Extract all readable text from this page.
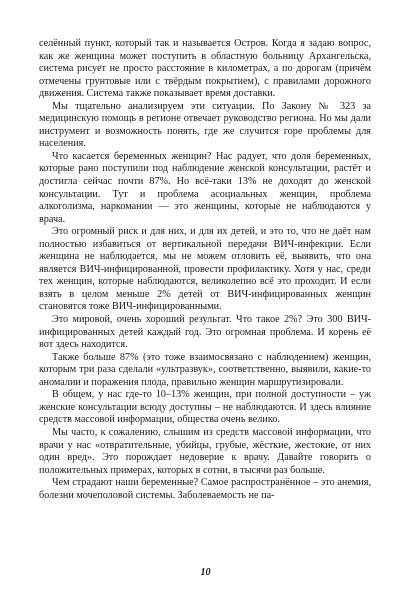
селённый пункт, который так и называется Остров. Когда я задаю вопрос, как же женщина может поступить в областную больницу Архангельска, система рисует не просто расстояние в километрах, а по дорогам (причём отмечены грунтовые или с твёрдым покрытием), с правилами дорожного движения. Система также показывает время доставки.

Мы тщательно анализируем эти ситуации. По Закону № 323 за медицинскую помощь в регионе отвечает руководство региона. Но мы дали инструмент и возможность понять, где же случится горе проблемы для населения.

Что касается беременных женщин? Нас радует, что доля беременных, которые рано поступили под наблюдение женской консультации, растёт и достигла сейчас почти 87%. Но всё-таки 13% не доходят до женской консультации. Тут и проблема асоциальных женщин, проблема алкоголизма, наркомании — это женщины, которые не наблюдаются у врача.

Это огромный риск и для них, и для их детей, и это то, что не даёт нам полностью избавиться от вертикальной передачи ВИЧ-инфекции. Если женщина не наблюдается, мы не можем отловить её, выявить, что она является ВИЧ-инфицированной, провести профилактику. Хотя у нас, среди тех женщин, которые наблюдаются, великолепно всё это проходит. И если взять в целом меньше 2% детей от ВИЧ-инфицированных женщин становятся тоже ВИЧ-инфицированными.

Это мировой, очень хороший результат. Что такое 2%? Это 300 ВИЧ-инфицированных детей каждый год. Это огромная проблема. И корень её вот здесь находится.

Также больше 87% (это тоже взаимосвязано с наблюдением) женщин, которым три раза сделали «ультразвук», соответственно, выявили, какие-то аномалии и поражения плода, правильно женщин маршрутизировали.

В общем, у нас где-то 10–13% женщин, при полной доступности – уж женские консультации всюду доступны – не наблюдаются. И здесь влияние средств массовой информации, общества очень велико.

Мы часто, к сожалению, слышим из средств массовой информации, что врачи у нас «отвратительные, убийцы, грубые, жёсткие, жестокие, от них один вред». Это порождает недоверие к врачу. Давайте говорить о положительных примерах, которых в сотни, в тысячи раз больше.

Чем страдают наши беременные? Самое распространённое – это анемия, болезни мочеполовой системы. Заболеваемость не па-

10
